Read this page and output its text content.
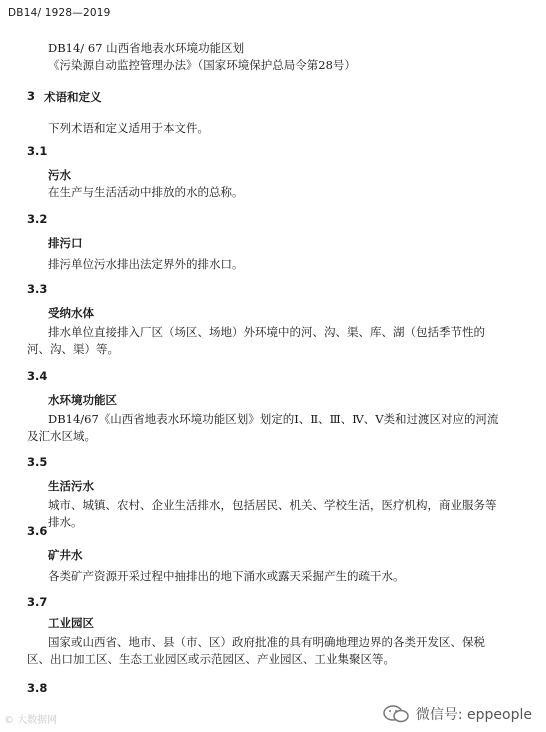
DB14/ 1928—2019
DB14/ 67 山西省地表水环境功能区划
《污染源自动监控管理办法》（国家环境保护总局令第28号）
3 术语和定义
下列术语和定义适用于本文件。
3.1
污水
在生产与生活活动中排放的水的总称。
3.2
排污口
排污单位污水排出法定界外的排水口。
3.3
受纳水体
排水单位直接排入厂区（场区、场地）外环境中的河、沟、渠、库、湖（包括季节性的河、沟、渠）等。
3.4
水环境功能区
DB14/67《山西省地表水环境功能区划》划定的Ⅰ、Ⅱ、Ⅲ、Ⅳ、Ⅴ类和过渡区对应的河流及汇水区域。
3.5
生活污水
城市、城镇、农村、企业生活排水，包括居民、机关、学校生活，医疗机构，商业服务等排水。
3.6
矿井水
各类矿产资源开采过程中抽排出的地下涌水或露天采掘产生的疏干水。
3.7
工业园区
国家或山西省、地市、县（市、区）政府批准的具有明确地理边界的各类开发区、保税区、出口加工区、生态工业园区或示范园区、产业园区、工业集聚区等。
3.8
© 大数据网	微信号: eppeople
